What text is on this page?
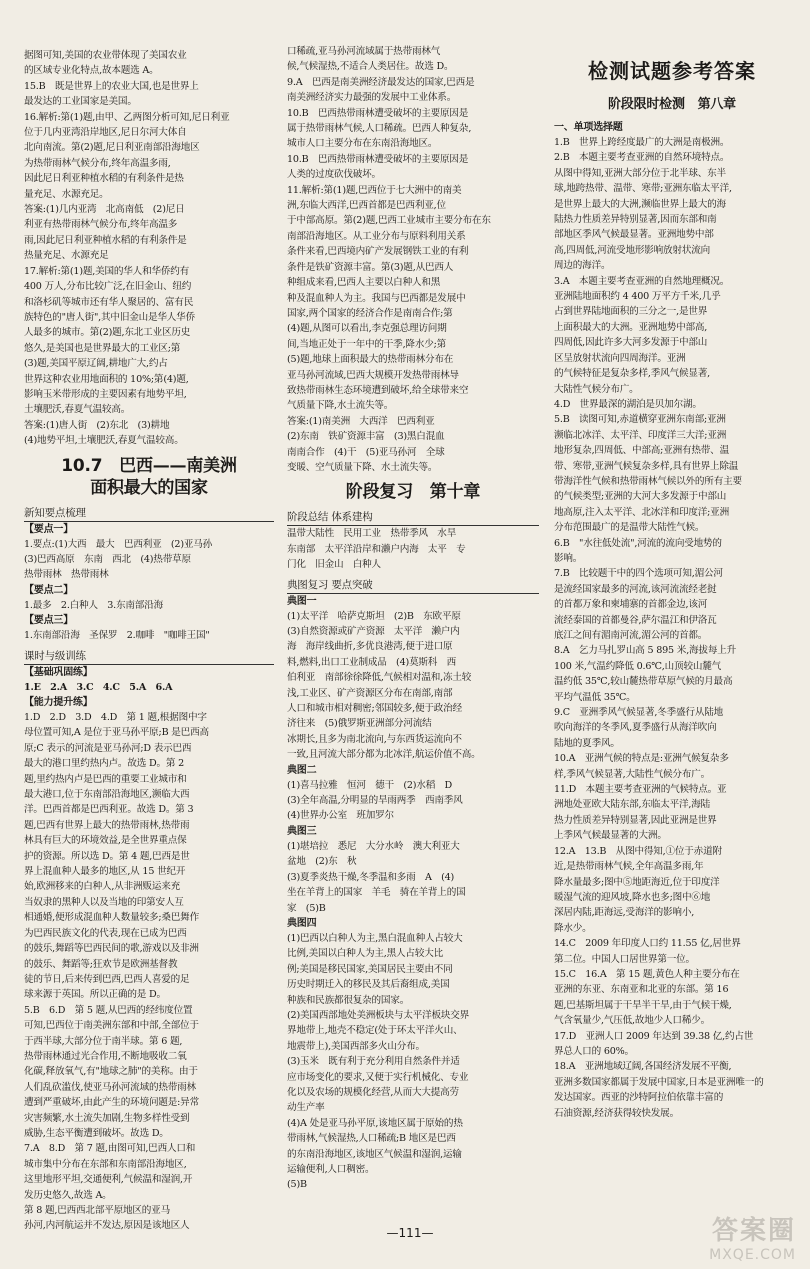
据图可知,美国的农业带体现了美国农业
的区域专业化特点,故本题选 A。
15.B　既是世界上的农业大国,也是世界上
最发达的工业国家是美国。
16.解析:第(1)题,由甲、乙两图分析可知,尼日利亚
位于几内亚湾沿岸地区,尼日尔河大体自
北向南流。第(2)题,尼日利亚南部沿海地区
为热带雨林气候分布,终年高温多雨,
因此尼日利亚种植水稻的有利条件是热
量充足、水源充足。
答案:(1)几内亚湾　北高南低　(2)尼日
利亚有热带雨林气候分布,终年高温多
雨,因此尼日利亚种植水稻的有利条件是
热量充足、水源充足
17.解析:第(1)题,美国的华人和华侨约有
400 万人,分布比较广泛,在旧金山、纽约
和洛杉矶等城市还有华人聚居的、富有民
族特色的"唐人街",其中旧金山是华人华侨
人最多的城市。第(2)题,东北工业区历史
悠久,是美国也是世界最大的工业区;第
(3)题,美国平原辽阔,耕地广大,约占
世界这种农业用地面积的 10%;第(4)题,
影响玉米带形成的主要因素有地势平坦,
土壤肥沃,春夏气温较高。
答案:(1)唐人街　(2)东北　(3)耕地
(4)地势平坦,土壤肥沃,春夏气温较高。
10.7　巴西——南美洲
面积最大的国家
新知要点梳理
【要点一】
1.要点:(1)大西　最大　巴西利亚　(2)亚马孙
(3)巴西高原　东南　西北　(4)热带草原
热带雨林　热带雨林
【要点二】
1.最多　2.白种人　3.东南部沿海
【要点三】
1.东南部沿海　圣保罗　2.咖啡　"咖啡王国"
课时与级训练
【基础巩固练】
1.E　2.A　3.C　4.C　5.A　6.A
【能力提升练】
1.D　2.D　3.D　4.D　第 1 题,根据图中字
母位置可知,A 是位于亚马孙平原;B 是巴西高
原;C 表示的河流是亚马孙河;D 表示巴西
最大的港口里约热内卢。故选 D。第 2
题,里约热内卢是巴西的重要工业城市和
最大港口,位于东南部沿海地区,濒临大西
洋。巴西首都是巴西利亚。故选 D。第 3
题,巴西有世界上最大的热带雨林,热带雨
林具有巨大的环境效益,是全世界重点保
护的资源。所以选 D。第 4 题,巴西是世
界上混血种人最多的地区,从 15 世纪开
始,欧洲移来的白种人,从非洲贩运来充
当奴隶的黑种人以及当地的印第安人互
相通婚,便形成混血种人数量较多;桑巴舞作
为巴西民族文化的代表,现在已成为巴西
的鼓乐,舞蹈等巴西民间的歌,游戏以及非洲
的鼓乐、舞蹈等;狂欢节是欧洲基督教
徒的节日,后来传到巴西,巴西人喜爱的足
球来源于英国。所以正确的是 D。
5.B　6.D　第 5 题,从巴西的经纬度位置
可知,巴西位于南美洲东部和中部,全部位于
于西半球,大部分位于南半球。第 6 题,
热带雨林通过光合作用,不断地吸收二氧
化碳,释放氧气,有"地球之肺"的美称。由于
人们乱砍滥伐,使亚马孙河流域的热带雨林
遭到严重破坏,由此产生的环境问题是:异常
灾害频繁,水土流失加剧,生物多样性受到
威胁,生态平衡遭到破坏。故选 D。
7.A　8.D　第 7 题,由图可知,巴西人口和
城市集中分布在东部和东南部沿海地区,
这里地形平坦,交通便利,气候温和湿润,开
发历史悠久,故选 A。
第 8 题,巴西西北部平原地区的亚马
孙河,内河航运并不发达,原因是该地区人
口稀疏,亚马孙河流域属于热带雨林气
候,气候湿热,不适合人类居住。故选 D。
9.A　巴西是南美洲经济最发达的国家,巴西是
南美洲经济实力最强的发展中工业体系。
10.B　巴西热带雨林遭受破坏的主要原因是
属于热带雨林气候,人口稀疏。巴西人种复杂,
城市人口主要分布在东南沿海地区。
10.B　巴西热带雨林遭受破坏的主要原因是
人类的过度砍伐破坏。
11.解析:第(1)题,巴西位于七大洲中的南美
洲,东临大西洋,巴西首都是巴西利亚,位
于中部高原。第(2)题,巴西工业城市主要分布在东
南部沿海地区。从工业分布与原料利用关系
条件来看,巴西境内矿产发展钢铁工业的有利
条件是铁矿资源丰富。第(3)题,从巴西人
种组成来看,巴西人主要以白种人和黑
种及混血种人为主。我国与巴西都是发展中
国家,两个国家的经济合作是南南合作;第
(4)题,从图可以看出,李克强总理访问期
间,当地正处于一年中的干季,降水少;第
(5)题,地球上面积最大的热带雨林分布在
亚马孙河流域,巴西大规模开发热带雨林导
致热带雨林生态环境遭到破坏,给全球带来空
气质量下降,水土流失等。
答案:(1)南美洲　大西洋　巴西利亚
(2)东南　铁矿资源丰富　(3)黑白混血
南南合作　(4)干　(5)亚马孙河　全球
变暖、空气质量下降、水土流失等。
阶段复习　第十章
阶段总结 体系建构
温带大陆性　民用工业　热带季风　水旱
东南部　太平洋沿岸和濑户内海　太平　专
门化　旧金山　白种人
典图复习 要点突破
典图一
(1)太平洋　哈萨克斯坦　(2)B　东欧平原
(3)自然资源或矿产资源　太平洋　濑户内
海　海岸线曲折,多优良港湾,便于进口原
料,燃料,出口工业制成品　(4)莫斯科　西
伯利亚　南部徐徐降低,气候相对温和,冻土较
浅,工业区、矿产资源区分布在南部,南部
人口和城市相对稠密;邻国较多,便于政治经
济往来　(5)俄罗斯亚洲部分河流结
冰期长,且多为南北流向,与东西货运流向不
一致,且河流大部分都为北冰洋,航运价值不高。
典图二
(1)喜马拉雅　恒河　德干　(2)水稻　D
(3)全年高温,分明显的旱雨两季　西南季风
(4)世界办公室　班加罗尔
典图三
(1)堪培拉　悉尼　大分水岭　澳大利亚大
盆地　(2)东　秋
(3)夏季炎热干燥,冬季温和多雨　A　(4)
坐在羊背上的国家　羊毛　骑在羊背上的国
家　(5)B
典图四
(1)巴西以白种人为主,黑白混血种人占较大
比例,美国以白种人为主,黑人占较大比
例;美国是移民国家,美国居民主要由不同
历史时期迁入的移民及其后裔组成,美国
种族和民族都很复杂的国家。
(2)美国西部地处美洲板块与太平洋板块交界
界地带上,地壳不稳定(处于环太平洋火山、
地震带上),美国西部多火山分布。
(3)玉米　既有利于充分利用自然条件并适
应市场变化的要求,又便于实行机械化、专业
化以及农场的规模化经营,从而大大提高劳
动生产率
(4)A 处是亚马孙平原,该地区属于原始的热
带雨林,气候湿热,人口稀疏;B 地区是巴西
的东南沿海地区,该地区气候温和湿润,运输
运输便利,人口稠密。
(5)B
检测试题参考答案
阶段限时检测　第八章
一、单项选择题
1.B　世界上跨经度最广的大洲是南极洲。
2.B　本题主要考查亚洲的自然环境特点。
从图中得知,亚洲大部分位于北半球、东半
球,地跨热带、温带、寒带;亚洲东临太平洋,
是世界上最大的大洲,濒临世界上最大的海
陆热力性质差异特别显著,因而东部和南
部地区季风气候最显著。亚洲地势中部
高,四周低,河流受地形影响放射状流向
周边的海洋。
3.A　本题主要考查亚洲的自然地理概况。
亚洲陆地面积约 4 400 万平方千米,几乎
占到世界陆地面积的三分之一,是世界
上面积最大的大洲。亚洲地势中部高,
四周低,因此许多大河多发源于中部山
区呈放射状流向四周海洋。亚洲
的气候特征是复杂多样,季风气候显著,
大陆性气候分布广。
4.D　世界最深的湖泊是贝加尔湖。
5.B　读图可知,赤道横穿亚洲东南部;亚洲
濒临北冰洋、太平洋、印度洋三大洋;亚洲
地形复杂,四周低、中部高;亚洲有热带、温
带、寒带,亚洲气候复杂多样,具有世界上除温
带海洋性气候和热带雨林气候以外的所有主要
的气候类型;亚洲的大河大多发源于中部山
地高原,注入太平洋、北冰洋和印度洋;亚洲
分布范围最广的是温带大陆性气候。
6.B　"水往低处流",河流的流向受地势的
影响。
7.B　比较题干中的四个选项可知,湄公河
是流经国家最多的河流,该河流流经老挝
的首都万象和柬埔寨的首都金边,该河
流经泰国的首都曼谷,萨尔温江和伊洛瓦
底江之间有湄南河流,湄公河的首都。
8.A　乞力马扎罗山高 5 895 米,海拔每上升
100 米,气温约降低 0.6℃,山顶较山麓气
温约低 35℃,较山麓热带草原气候的月最高
平均气温低 35℃。
9.C　亚洲季风气候显著,冬季盛行从陆地
吹向海洋的冬季风,夏季盛行从海洋吹向
陆地的夏季风。
10.A　亚洲气候的特点是:亚洲气候复杂多
样,季风气候显著,大陆性气候分布广。
11.D　本题主要考查亚洲的气候特点。亚
洲地处亚欧大陆东部,东临太平洋,海陆
热力性质差异特别显著,因此亚洲是世界
上季风气候最显著的大洲。
12.A　13.B　从图中得知,①位于赤道附
近,是热带雨林气候,全年高温多雨,年
降水量最多;图中⑤地距海近,位于印度洋
暖湿气流的迎风坡,降水也多;图中⑥地
深居内陆,距海远,受海洋的影响小,
降水少。
14.C　2009 年印度人口约 11.55 亿,居世界
第二位。中国人口居世界第一位。
15.C　16.A　第 15 题,黄色人种主要分布在
亚洲的东亚、东南亚和北亚的东部。第 16
题,巴基斯坦属于干旱半干旱,由于气候干燥,
气含氧量少,气压低,故地少人口稀少。
17.D　亚洲人口 2009 年达到 39.38 亿,约占世
界总人口的 60%。
18.A　亚洲地域辽阔,各国经济发展不平衡,
亚洲多数国家都属于发展中国家,日本是亚洲唯一的
发达国家。西亚的沙特阿拉伯依靠丰富的
石油资源,经济获得较快发展。
—111—	答案圈
MXQE.COM
